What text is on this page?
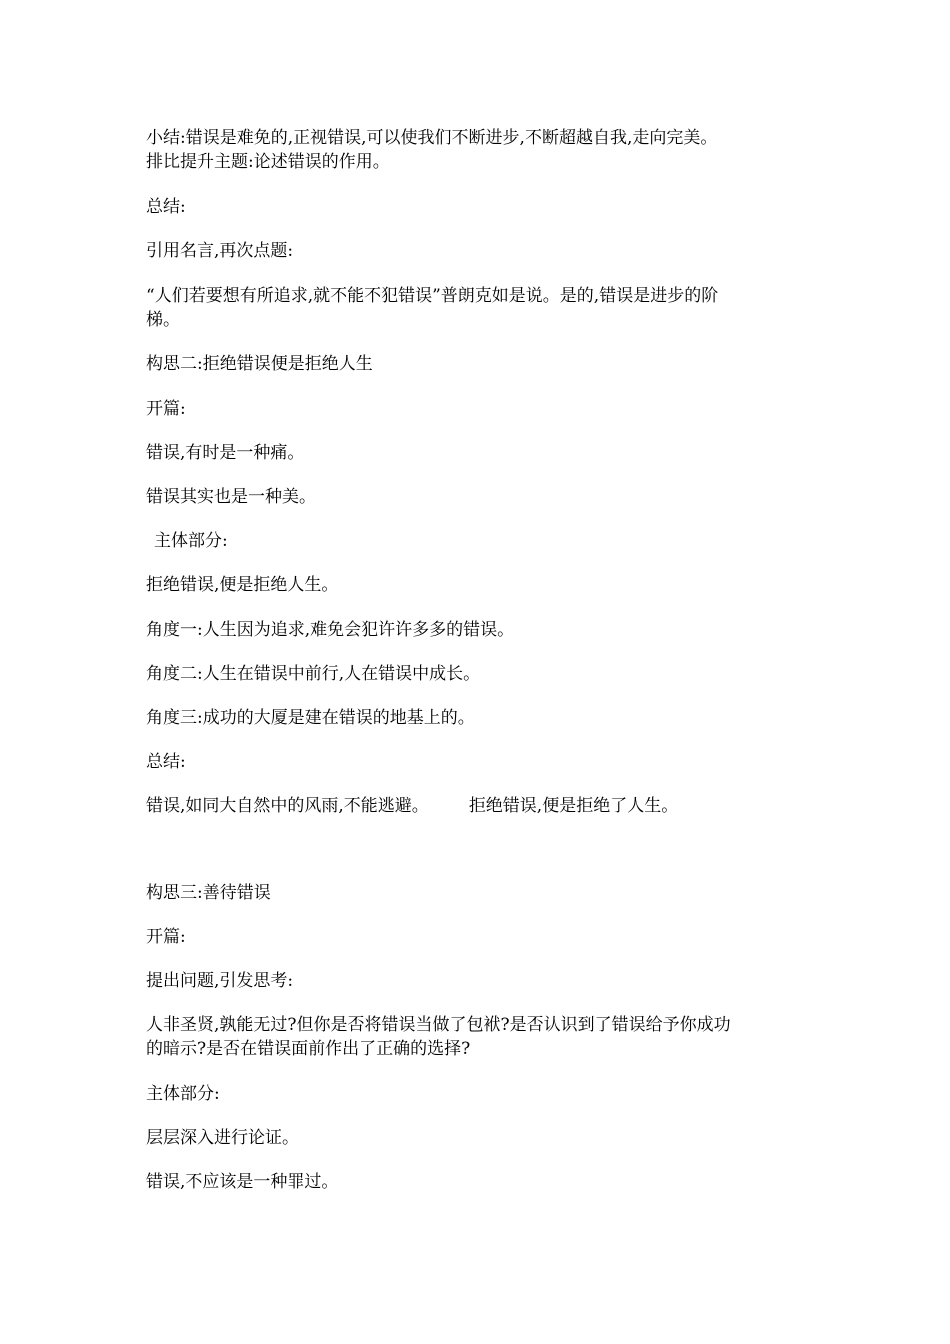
小结:错误是难免的,正视错误,可以使我们不断进步,不断超越自我,走向完美。
排比提升主题:论述错误的作用。
总结:
引用名言,再次点题:
“人们若要想有所追求,就不能不犯错误”普朗克如是说。是的,错误是进步的阶
梯。
构思二:拒绝错误便是拒绝人生
开篇:
错误,有时是一种痛。
错误其实也是一种美。
主体部分:
拒绝错误,便是拒绝人生。
角度一:人生因为追求,难免会犯许许多多的错误。
角度二:人生在错误中前行,人在错误中成长。
角度三:成功的大厦是建在错误的地基上的。
总结:
错误,如同大自然中的风雨,不能逃避。 拒绝错误,便是拒绝了人生。
构思三:善待错误
开篇:
提出问题,引发思考:
人非圣贤,孰能无过?但你是否将错误当做了包袱?是否认识到了错误给予你成功
的暗示?是否在错误面前作出了正确的选择?
主体部分:
层层深入进行论证。
错误,不应该是一种罪过。
